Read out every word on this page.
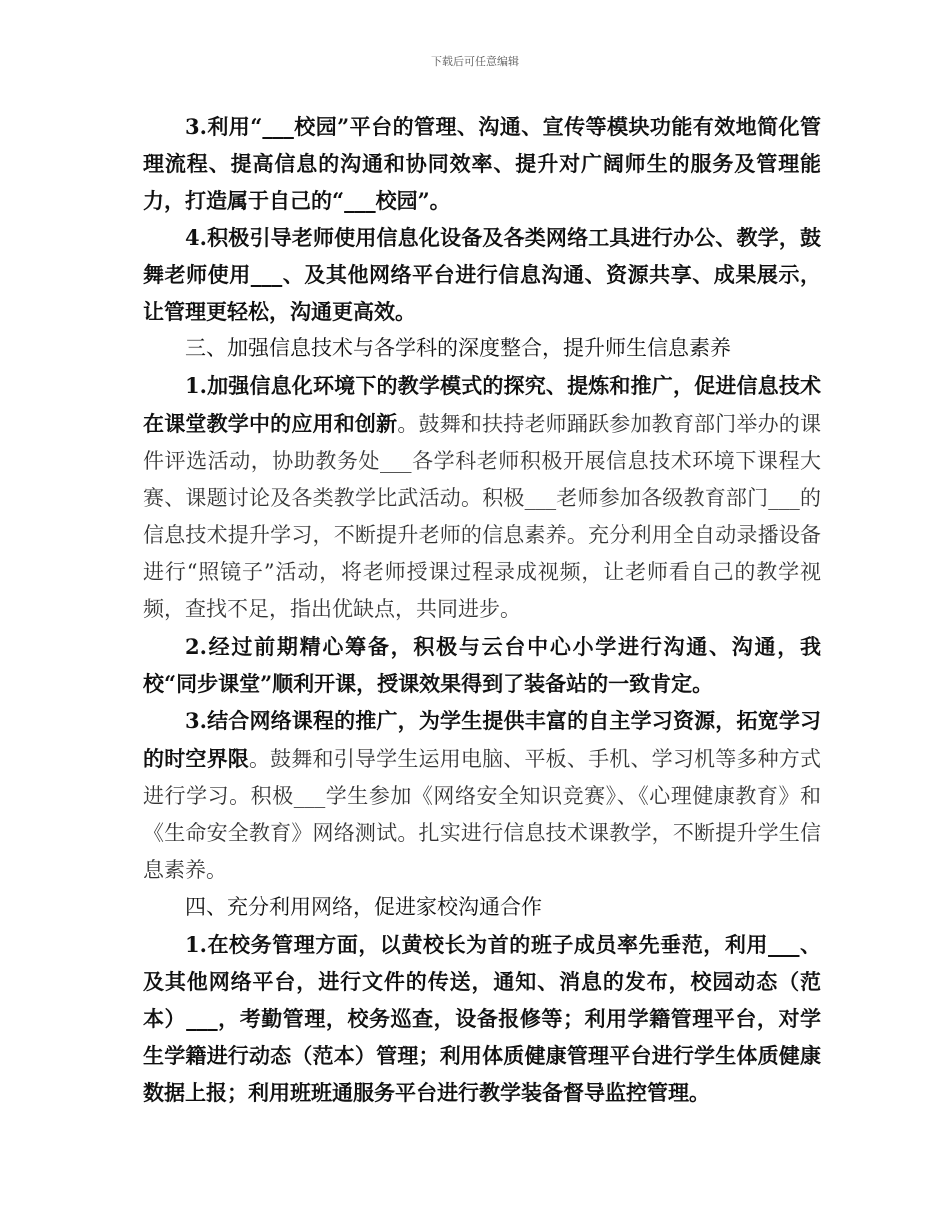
下载后可任意编辑

3.利用“___校园”平台的管理、沟通、宣传等模块功能有效地简化管理流程、提高信息的沟通和协同效率、提升对广阔师生的服务及管理能力，打造属于自己的“___校园”。

4.积极引导老师使用信息化设备及各类网络工具进行办公、教学，鼓舞老师使用___、及其他网络平台进行信息沟通、资源共享、成果展示，让管理更轻松，沟通更高效。

三、加强信息技术与各学科的深度整合，提升师生信息素养

1.加强信息化环境下的教学模式的探究、提炼和推广，促进信息技术在课堂教学中的应用和创新。鼓舞和扶持老师踊跃参加教育部门举办的课件评选活动，协助教务处___各学科老师积极开展信息技术环境下课程大赛、课题讨论及各类教学比武活动。积极___老师参加各级教育部门___的信息技术提升学习，不断提升老师的信息素养。充分利用全自动录播设备进行“照镜子”活动，将老师授课过程录成视频，让老师看自己的教学视频，查找不足，指出优缺点，共同进步。

2.经过前期精心筹备，积极与云台中心小学进行沟通、沟通，我校“同步课堂”顺利开课，授课效果得到了装备站的一致肯定。

3.结合网络课程的推广，为学生提供丰富的自主学习资源，拓宽学习的时空界限。鼓舞和引导学生运用电脑、平板、手机、学习机等多种方式进行学习。积极___学生参加《网络安全知识竞赛》、《心理健康教育》和《生命安全教育》网络测试。扎实进行信息技术课教学，不断提升学生信息素养。

四、充分利用网络，促进家校沟通合作

1.在校务管理方面，以黄校长为首的班子成员率先垂范，利用___、及其他网络平台，进行文件的传送，通知、消息的发布，校园动态（范本）___，考勤管理，校务巡查，设备报修等；利用学籍管理平台，对学生学籍进行动态（范本）管理；利用体质健康管理平台进行学生体质健康数据上报；利用班班通服务平台进行教学装备督导监控管理。
